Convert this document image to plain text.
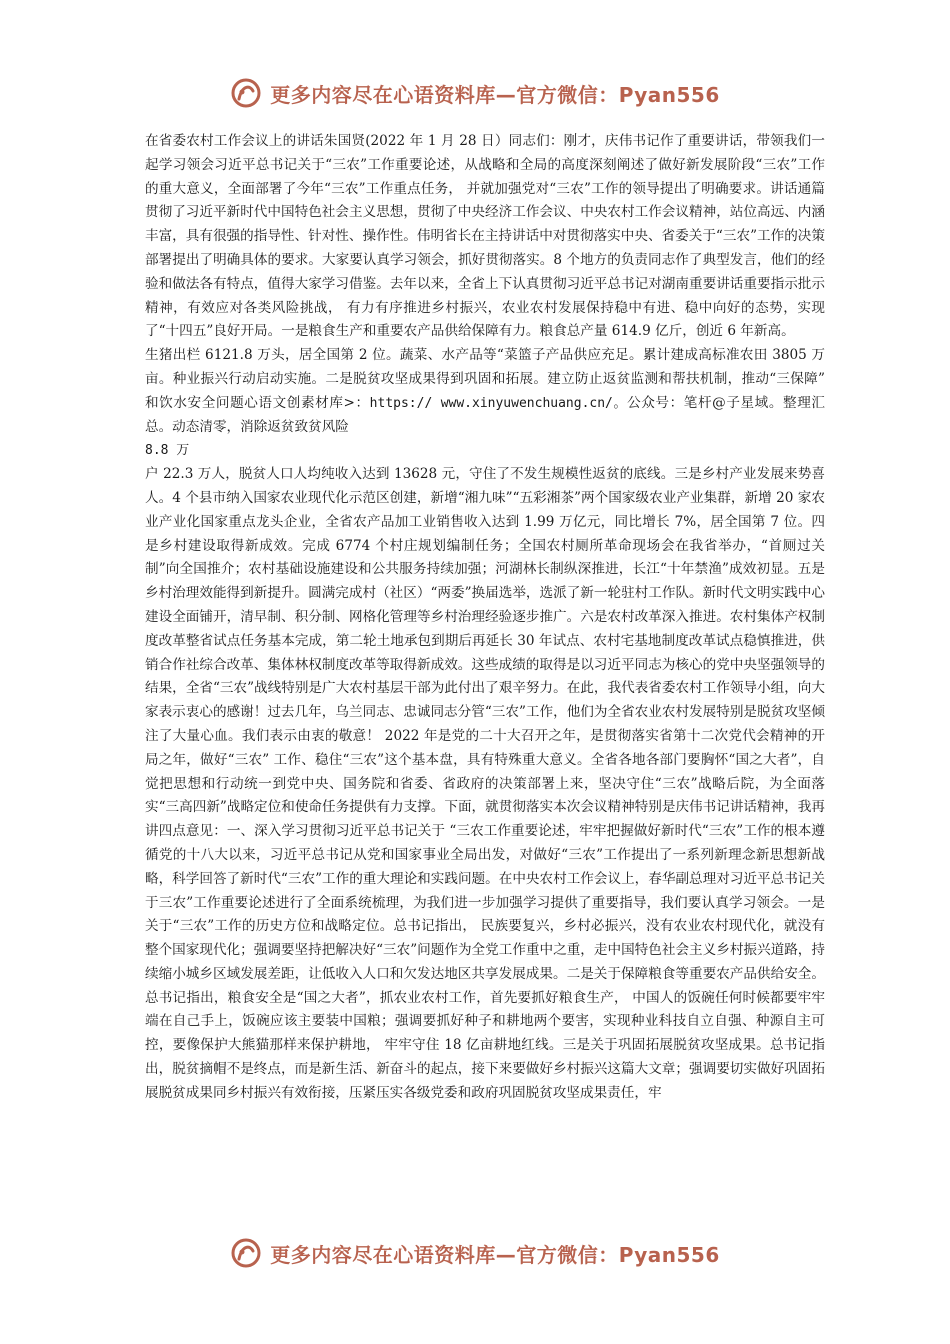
更多内容尽在心语资料库—官方微信：Pyan556

在省委农村工作会议上的讲话朱国贤(2022 年 1 月 28 日）同志们：刚才，庆伟书记作了重要讲话，带领我们一起学习领会习近平总书记关于“三农”工作重要论述，从战略和全局的高度深刻阐述了做好新发展阶段“三农”工作的重大意义，全面部署了今年“三农”工作重点任务， 并就加强党对“三农”工作的领导提出了明确要求。讲话通篇贯彻了习近平新时代中国特色社会主义思想，贯彻了中央经济工作会议、中央农村工作会议精神，站位高远、内涵丰富，具有很强的指导性、针对性、操作性。伟明省长在主持讲话中对贯彻落实中央、省委关于“三农”工作的决策部署提出了明确具体的要求。大家要认真学习领会，抓好贯彻落实。8 个地方的负责同志作了典型发言，他们的经验和做法各有特点，值得大家学习借鉴。去年以来，全省上下认真贯彻习近平总书记对湖南重要讲话重要指示批示精神，有效应对各类风险挑战， 有力有序推进乡村振兴，农业农村发展保持稳中有进、稳中向好的态势，实现了“十四五”良好开局。一是粮食生产和重要农产品供给保障有力。粮食总产量 614.9 亿斤，创近 6 年新高。

生猪出栏 6121.8 万头，居全国第 2 位。蔬菜、水产品等“菜篮子产品供应充足。累计建成高标准农田 3805 万亩。种业振兴行动启动实施。二是脱贫攻坚成果得到巩固和拓展。建立防止返贫监测和帮扶机制，推动“三保障” 和饮水安全问题心语文创素材库>：https:// www.xinyuwenchuang.cn/。公众号：笔杆@子星域。整理汇总。动态清零，消除返贫致贫风险
8.8 万

户 22.3 万人，脱贫人口人均纯收入达到 13628 元，守住了不发生规模性返贫的底线。三是乡村产业发展来势喜人。4 个县市纳入国家农业现代化示范区创建，新增“湘九味”“五彩湘茶”两个国家级农业产业集群，新增 20 家农业产业化国家重点龙头企业，全省农产品加工业销售收入达到 1.99 万亿元，同比增长 7%，居全国第 7 位。四是乡村建设取得新成效。完成 6774 个村庄规划编制任务；全国农村厕所革命现场会在我省举办，“首厕过关制”向全国推介；农村基础设施建设和公共服务持续加强；河湖林长制纵深推进，长江“十年禁渔”成效初显。五是乡村治理效能得到新提升。圆满完成村（社区）“两委”换届选举，选派了新一轮驻村工作队。新时代文明实践中心建设全面铺开，清早制、积分制、网格化管理等乡村治理经验逐步推广。六是农村改革深入推进。农村集体产权制度改革整省试点任务基本完成，第二轮土地承包到期后再延长 30 年试点、农村宅基地制度改革试点稳慎推进，供销合作社综合改革、集体林权制度改革等取得新成效。这些成绩的取得是以习近平同志为核心的党中央坚强领导的结果，全省“三农”战线特别是广大农村基层干部为此付出了艰辛努力。在此，我代表省委农村工作领导小组，向大家表示衷心的感谢！过去几年，乌兰同志、忠诚同志分管“三农”工作，他们为全省农业农村发展特别是脱贫攻坚倾注了大量心血。我们表示由衷的敬意！ 2022 年是党的二十大召开之年，是贯彻落实省第十二次党代会精神的开局之年，做好“三农” 工作、稳住“三农”这个基本盘，具有特殊重大意义。全省各地各部门要胸怀“国之大者”，自觉把思想和行动统一到党中央、国务院和省委、省政府的决策部署上来，坚决守住“三农”战略后院，为全面落实“三高四新”战略定位和使命任务提供有力支撑。下面，就贯彻落实本次会议精神特别是庆伟书记讲话精神，我再讲四点意见：一、深入学习贯彻习近平总书记关于 “三农工作重要论述，牢牢把握做好新时代“三农”工作的根本遵循党的十八大以来，习近平总书记从党和国家事业全局出发，对做好“三农”工作提出了一系列新理念新思想新战略，科学回答了新时代“三农”工作的重大理论和实践问题。在中央农村工作会议上，春华副总理对习近平总书记关于三农”工作重要论述进行了全面系统梳理，为我们进一步加强学习提供了重要指导，我们要认真学习领会。一是关于“三农”工作的历史方位和战略定位。总书记指出， 民族要复兴，乡村必振兴，没有农业农村现代化，就没有整个国家现代化；强调要坚持把解决好“三农”问题作为全党工作重中之重，走中国特色社会主义乡村振兴道路，持续缩小城乡区域发展差距，让低收入人口和欠发达地区共享发展成果。二是关于保障粮食等重要农产品供给安全。总书记指出，粮食安全是“国之大者”，抓农业农村工作，首先要抓好粮食生产， 中国人的饭碗任何时候都要牢牢端在自己手上，饭碗应该主要装中国粮；强调要抓好种子和耕地两个要害，实现种业科技自立自强、种源自主可控，要像保护大熊猫那样来保护耕地， 牢牢守住 18 亿亩耕地红线。三是关于巩固拓展脱贫攻坚成果。总书记指出，脱贫摘帽不是终点，而是新生活、新奋斗的起点，接下来要做好乡村振兴这篇大文章；强调要切实做好巩固拓展脱贫成果同乡村振兴有效衔接，压紧压实各级党委和政府巩固脱贫攻坚成果责任，牢

更多内容尽在心语资料库—官方微信：Pyan556
